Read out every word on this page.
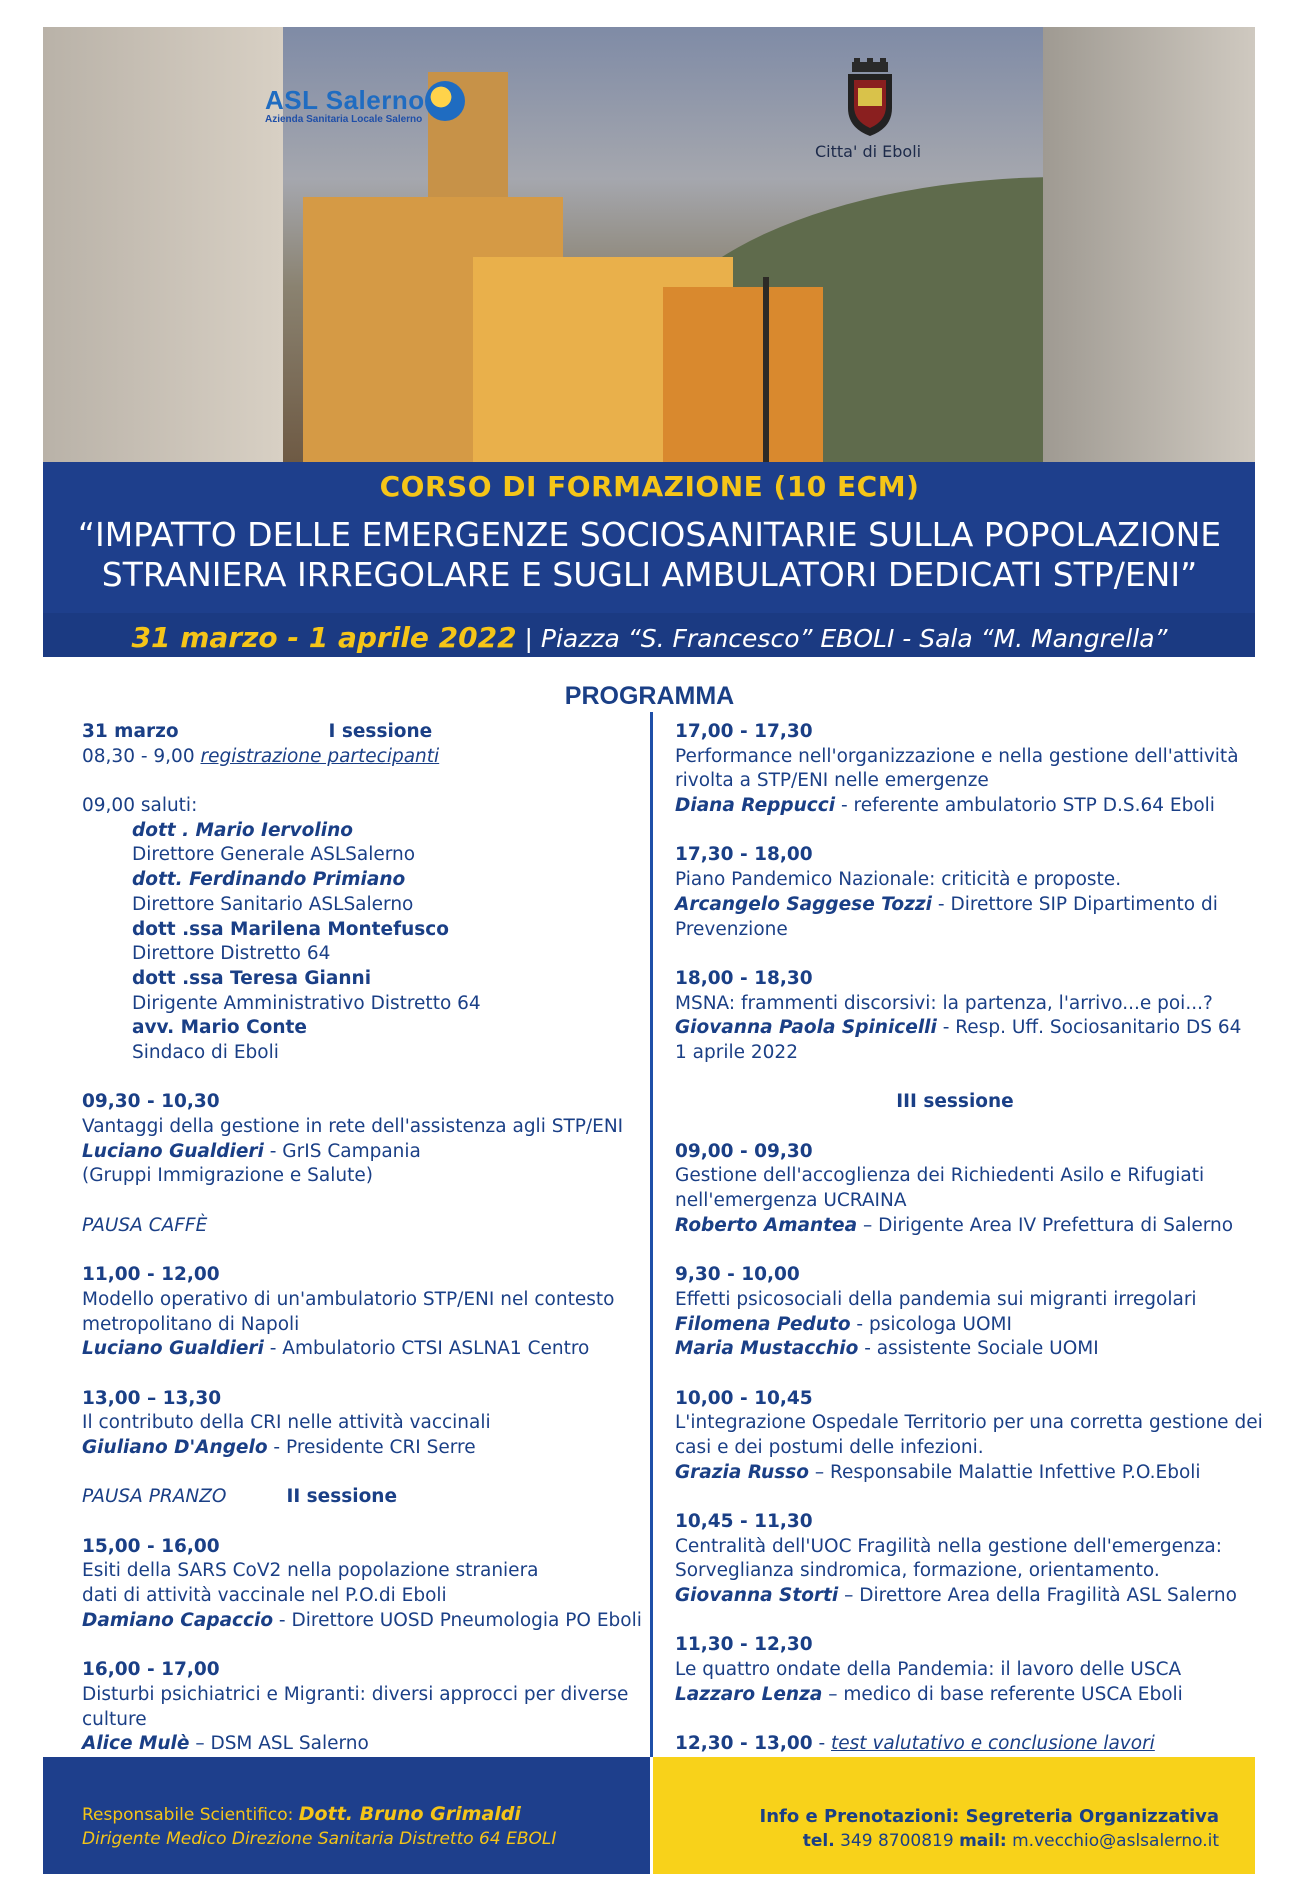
ASL Salerno
Azienda Sanitaria Locale Salerno
Citta' di Eboli
CORSO DI FORMAZIONE (10 ECM)
“IMPATTO DELLE EMERGENZE SOCIOSANITARIE SULLA POPOLAZIONE
STRANIERA IRREGOLARE E SUGLI AMBULATORI DEDICATI STP/ENI”
31 marzo - 1 aprile 2022 | Piazza “S. Francesco” EBOLI - Sala “M. Mangrella”
PROGRAMMA
31 marzo	I sessione
08,30 - 9,00 registrazione partecipanti
09,00 saluti:
dott . Mario Iervolino
Direttore Generale ASLSalerno
dott. Ferdinando Primiano
Direttore Sanitario ASLSalerno
dott .ssa Marilena Montefusco
Direttore Distretto 64
dott .ssa Teresa Gianni
Dirigente Amministrativo Distretto 64
avv. Mario Conte
Sindaco di Eboli
09,30 - 10,30
Vantaggi della gestione in rete dell'assistenza agli STP/ENI
Luciano Gualdieri - GrIS Campania
(Gruppi Immigrazione e Salute)
PAUSA CAFFÈ
11,00 - 12,00
Modello operativo di un'ambulatorio STP/ENI nel contesto
metropolitano di Napoli
Luciano Gualdieri - Ambulatorio CTSI ASLNA1 Centro
13,00 – 13,30
Il contributo della CRI nelle attività vaccinali
Giuliano D'Angelo - Presidente CRI Serre
PAUSA PRANZO	II sessione
15,00 - 16,00
Esiti della SARS CoV2 nella popolazione straniera
dati di attività vaccinale nel P.O.di Eboli
Damiano Capaccio - Direttore UOSD Pneumologia PO Eboli
16,00 - 17,00
Disturbi psichiatrici e Migranti: diversi approcci per diverse
culture
Alice Mulè – DSM ASL Salerno
17,00 - 17,30
Performance nell'organizzazione e nella gestione dell'attività
rivolta a STP/ENI nelle emergenze
Diana Reppucci - referente ambulatorio STP D.S.64 Eboli
17,30 - 18,00
Piano Pandemico Nazionale: criticità e proposte.
Arcangelo Saggese Tozzi - Direttore SIP Dipartimento di
Prevenzione
18,00 - 18,30
MSNA: frammenti discorsivi: la partenza, l'arrivo...e poi...?
Giovanna Paola Spinicelli - Resp. Uff. Sociosanitario DS 64
1 aprile 2022
III sessione
09,00 - 09,30
Gestione dell'accoglienza dei Richiedenti Asilo e Rifugiati
nell'emergenza UCRAINA
Roberto Amantea – Dirigente Area IV Prefettura di Salerno
9,30 - 10,00
Effetti psicosociali della pandemia sui migranti irregolari
Filomena Peduto - psicologa UOMI
Maria Mustacchio - assistente Sociale UOMI
10,00 - 10,45
L'integrazione Ospedale Territorio per una corretta gestione dei
casi e dei postumi delle infezioni.
Grazia Russo – Responsabile Malattie Infettive P.O.Eboli
10,45 - 11,30
Centralità dell'UOC Fragilità nella gestione dell'emergenza:
Sorveglianza sindromica, formazione, orientamento.
Giovanna Storti – Direttore Area della Fragilità ASL Salerno
11,30 - 12,30
Le quattro ondate della Pandemia: il lavoro delle USCA
Lazzaro Lenza – medico di base referente USCA Eboli
12,30 - 13,00 - test valutativo e conclusione lavori
Responsabile Scientifico: Dott. Bruno Grimaldi
Dirigente Medico Direzione Sanitaria Distretto 64 EBOLI
Info e Prenotazioni: Segreteria Organizzativa
tel. 349 8700819 mail: m.vecchio@aslsalerno.it
